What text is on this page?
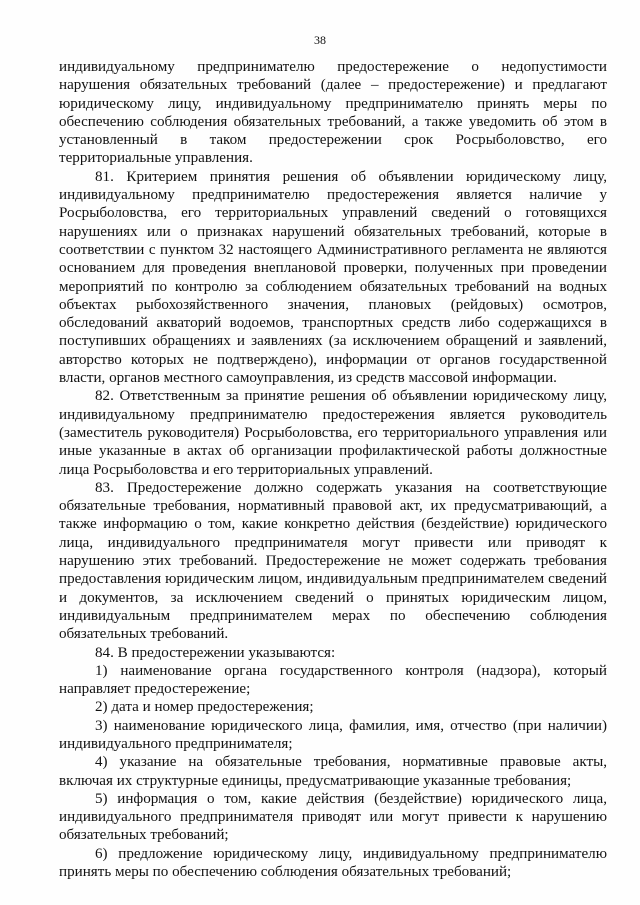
38

индивидуальному предпринимателю предостережение о недопустимости нарушения обязательных требований (далее – предостережение) и предлагают юридическому лицу, индивидуальному предпринимателю принять меры по обеспечению соблюдения обязательных требований, а также уведомить об этом в установленный в таком предостережении срок Росрыболовство, его территориальные управления.

81. Критерием принятия решения об объявлении юридическому лицу, индивидуальному предпринимателю предостережения является наличие у Росрыболовства, его территориальных управлений сведений о готовящихся нарушениях или о признаках нарушений обязательных требований, которые в соответствии с пунктом 32 настоящего Административного регламента не являются основанием для проведения внеплановой проверки, полученных при проведении мероприятий по контролю за соблюдением обязательных требований на водных объектах рыбохозяйственного значения, плановых (рейдовых) осмотров, обследований акваторий водоемов, транспортных средств либо содержащихся в поступивших обращениях и заявлениях (за исключением обращений и заявлений, авторство которых не подтверждено), информации от органов государственной власти, органов местного самоуправления, из средств массовой информации.

82. Ответственным за принятие решения об объявлении юридическому лицу, индивидуальному предпринимателю предостережения является руководитель (заместитель руководителя) Росрыболовства, его территориального управления или иные указанные в актах об организации профилактической работы должностные лица Росрыболовства и его территориальных управлений.

83. Предостережение должно содержать указания на соответствующие обязательные требования, нормативный правовой акт, их предусматривающий, а также информацию о том, какие конкретно действия (бездействие) юридического лица, индивидуального предпринимателя могут привести или приводят к нарушению этих требований. Предостережение не может содержать требования предоставления юридическим лицом, индивидуальным предпринимателем сведений и документов, за исключением сведений о принятых юридическим лицом, индивидуальным предпринимателем мерах по обеспечению соблюдения обязательных требований.

84. В предостережении указываются:

1) наименование органа государственного контроля (надзора), который направляет предостережение;

2) дата и номер предостережения;

3) наименование юридического лица, фамилия, имя, отчество (при наличии) индивидуального предпринимателя;

4) указание на обязательные требования, нормативные правовые акты, включая их структурные единицы, предусматривающие указанные требования;

5) информация о том, какие действия (бездействие) юридического лица, индивидуального предпринимателя приводят или могут привести к нарушению обязательных требований;

6) предложение юридическому лицу, индивидуальному предпринимателю принять меры по обеспечению соблюдения обязательных требований;
